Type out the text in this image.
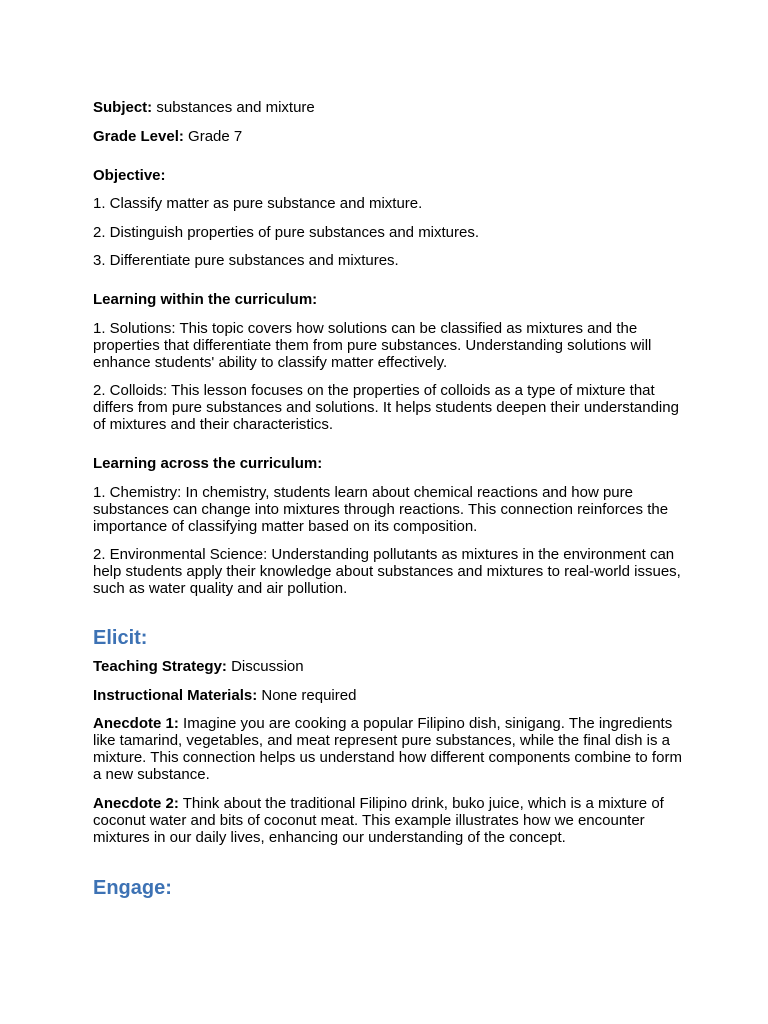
Subject: substances and mixture

Grade Level: Grade 7

Objective:

1. Classify matter as pure substance and mixture.

2. Distinguish properties of pure substances and mixtures.

3. Differentiate pure substances and mixtures.

Learning within the curriculum:

1. Solutions: This topic covers how solutions can be classified as mixtures and the properties that differentiate them from pure substances. Understanding solutions will enhance students' ability to classify matter effectively.

2. Colloids: This lesson focuses on the properties of colloids as a type of mixture that differs from pure substances and solutions. It helps students deepen their understanding of mixtures and their characteristics.

Learning across the curriculum:

1. Chemistry: In chemistry, students learn about chemical reactions and how pure substances can change into mixtures through reactions. This connection reinforces the importance of classifying matter based on its composition.

2. Environmental Science: Understanding pollutants as mixtures in the environment can help students apply their knowledge about substances and mixtures to real-world issues, such as water quality and air pollution.

Elicit:

Teaching Strategy: Discussion

Instructional Materials: None required

Anecdote 1: Imagine you are cooking a popular Filipino dish, sinigang. The ingredients like tamarind, vegetables, and meat represent pure substances, while the final dish is a mixture. This connection helps us understand how different components combine to form a new substance.

Anecdote 2: Think about the traditional Filipino drink, buko juice, which is a mixture of coconut water and bits of coconut meat. This example illustrates how we encounter mixtures in our daily lives, enhancing our understanding of the concept.

Engage:
